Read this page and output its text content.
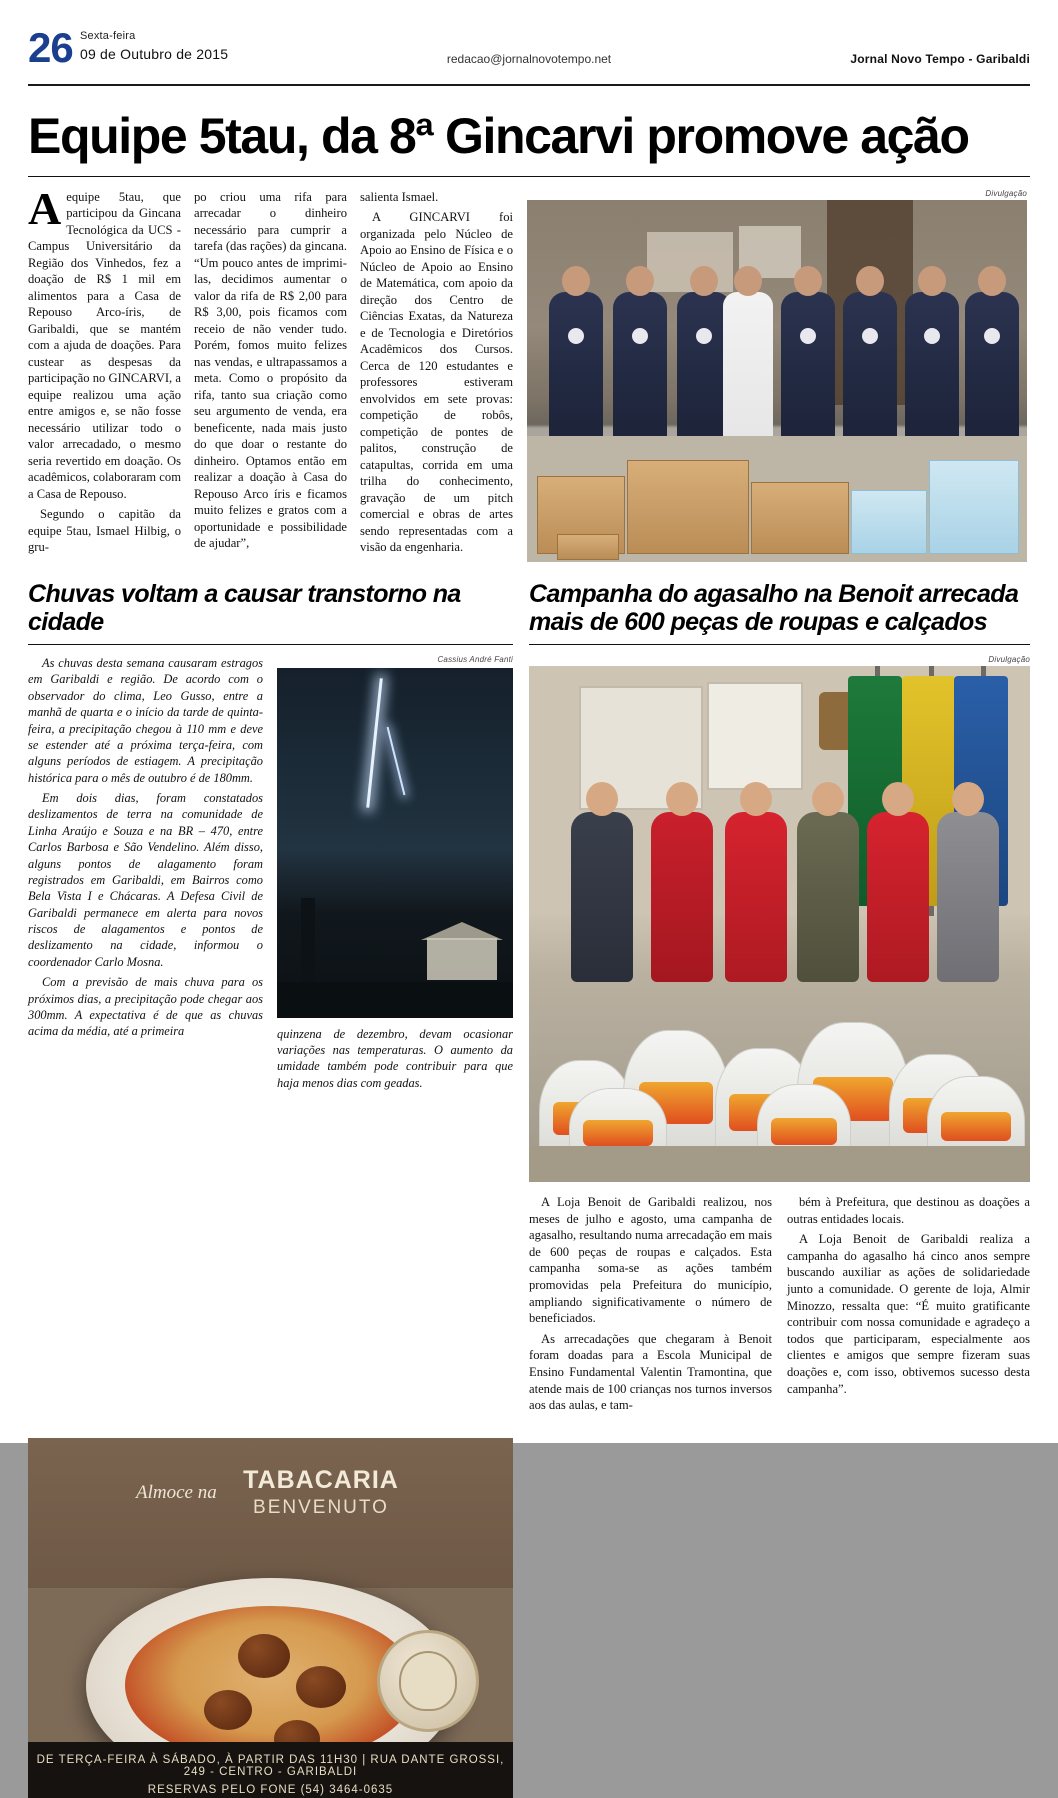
26 Sexta-feira
09 de Outubro de 2015	redacao@jornalnovotempo.net	Jornal Novo Tempo - Garibaldi
Equipe 5tau, da 8ª Gincarvi promove ação

Aequipe 5tau, que participou da Gincana Tecnológica da UCS - Campus Universitário da Região dos Vinhedos, fez a doação de R$ 1 mil em alimentos para a Casa de Repouso Arco-íris, de Garibaldi, que se mantém com a ajuda de doações. Para custear as despesas da participação no GINCARVI, a equipe realizou uma ação entre amigos e, se não fosse necessário utilizar todo o valor arrecadado, o mesmo seria revertido em doação. Os acadêmicos, colaboraram com a Casa de Repouso.

Segundo o capitão da equipe 5tau, Ismael Hilbig, o gru-

po criou uma rifa para arrecadar o dinheiro necessário para cumprir a tarefa (das rações) da gincana. “Um pouco antes de imprimi-las, decidimos aumentar o valor da rifa de R$ 2,00 para R$ 3,00, pois ficamos com receio de não vender tudo. Porém, fomos muito felizes nas vendas, e ultrapassamos a meta. Como o propósito da rifa, tanto sua criação como seu argumento de venda, era beneficente, nada mais justo do que doar o restante do dinheiro. Optamos então em realizar a doação à Casa do Repouso Arco íris e ficamos muito felizes e gratos com a oportunidade e possibilidade de ajudar”,

salienta Ismael.

A GINCARVI foi organizada pelo Núcleo de Apoio ao Ensino de Física e o Núcleo de Apoio ao Ensino de Matemática, com apoio da direção dos Centro de Ciências Exatas, da Natureza e de Tecnologia e Diretórios Acadêmicos dos Cursos. Cerca de 120 estudantes e professores estiveram envolvidos em sete provas: competição de robôs, competição de pontes de palitos, construção de catapultas, corrida em uma trilha do conhecimento, gravação de um pitch comercial e obras de artes sendo representadas com a visão da engenharia.

Divulgação
Chuvas voltam a causar transtorno na cidade

As chuvas desta semana causaram estragos em Garibaldi e região. De acordo com o observador do clima, Leo Gusso, entre a manhã de quarta e o início da tarde de quinta-feira, a precipitação chegou à 110 mm e deve se estender até a próxima terça-feira, com alguns períodos de estiagem. A precipitação histórica para o mês de outubro é de 180mm.

Em dois dias, foram constatados deslizamentos de terra na comunidade de Linha Araújo e Souza e na BR – 470, entre Carlos Barbosa e São Vendelino. Além disso, alguns pontos de alagamento foram registrados em Garibaldi, em Bairros como Bela Vista I e Chácaras. A Defesa Civil de Garibaldi permanece em alerta para novos riscos de alagamentos e pontos de deslizamento na cidade, informou o coordenador Carlo Mosna.

Com a previsão de mais chuva para os próximos dias, a precipitação pode chegar aos 300mm. A expectativa é de que as chuvas acima da média, até a primeira

Cassius André Fanti

quinzena de dezembro, devam ocasionar variações nas temperaturas. O aumento da umidade também pode contribuir para que haja menos dias com geadas.

Campanha do agasalho na Benoit arrecada mais de 600 peças de roupas e calçados
Divulgação

A Loja Benoit de Garibaldi realizou, nos meses de julho e agosto, uma campanha de agasalho, resultando numa arrecadação em mais de 600 peças de roupas e calçados. Esta campanha soma-se as ações também promovidas pela Prefeitura do município, ampliando significativamente o número de beneficiados.

As arrecadações que chegaram à Benoit foram doadas para a Escola Municipal de Ensino Fundamental Valentin Tramontina, que atende mais de 100 crianças nos turnos inversos aos das aulas, e tam-

bém à Prefeitura, que destinou as doações a outras entidades locais.

A Loja Benoit de Garibaldi realiza a campanha do agasalho há cinco anos sempre buscando auxiliar as ações de solidariedade junto a comunidade. O gerente de loja, Almir Minozzo, ressalta que: “É muito gratificante contribuir com nossa comunidade e agradeço a todos que participaram, especialmente aos clientes e amigos que sempre fizeram suas doações e, com isso, obtivemos sucesso desta campanha”.

Almoce na	TABACARIA
BENVENUTO
DE TERÇA-FEIRA À SÁBADO, À PARTIR DAS 11H30 | RUA DANTE GROSSI, 249 - CENTRO - GARIBALDI
RESERVAS PELO FONE (54) 3464-0635
